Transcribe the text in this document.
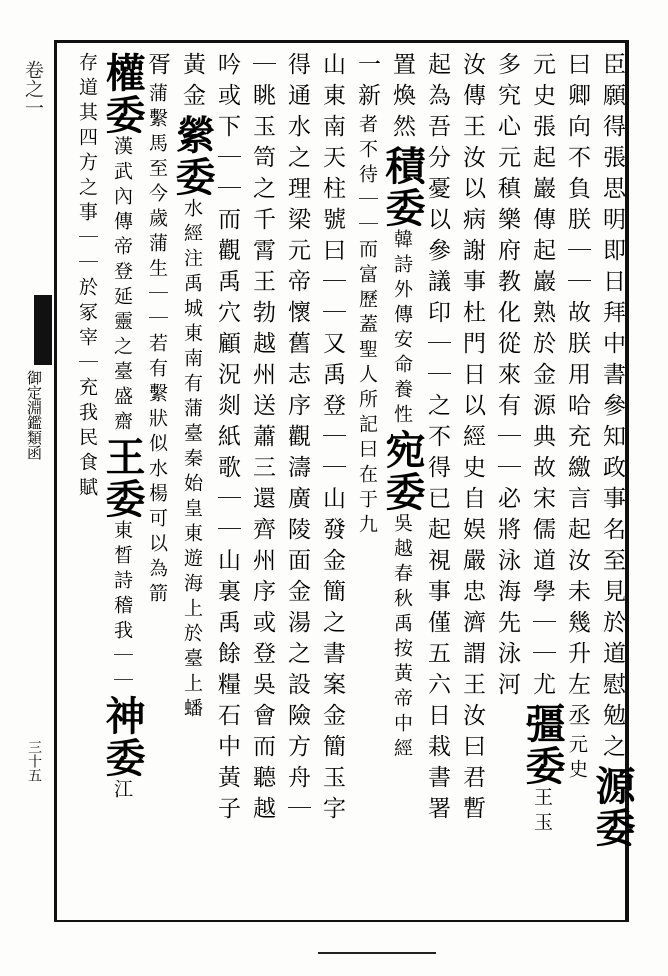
卷之一
御定淵鑑類函
三十五	臣願得張思明即日拜中書參知政事名至見於道慰勉之源委
曰卿向不負朕｜｜故朕用哈充繳言起汝未幾升左丞元史
元史張起巖傳起巖熟於金源典故宋儒道學｜｜尤彊委王玉
多究心元稹樂府教化從來有｜｜必將泳海先泳河
汝傳王汝以病謝事杜門日以經史自娱嚴忠濟謂王汝曰君暫
起為吾分憂以參議印｜｜之不得已起視事僅五六日栽書署
置煥然積委韓詩外傳安命養性宛委吳越春秋禹按黃帝中經
一新者不待｜｜而富歷蓋聖人所記曰在于九
山東南天柱號曰｜｜又禹登｜｜山發金簡之書案金簡玉字
得通水之理梁元帝懷舊志序觀濤廣陵面金湯之設險方舟｜
｜眺玉笥之千霄王勃越州送蕭三還齊州序或登吳會而聽越
吟或下｜｜而觀禹穴顧況剡紙歌｜｜山裏禹餘糧石中黃子
黃金縈委水經注禹城東南有蒲臺秦始皇東遊海上於臺上蟠
胥蒲繫馬至今歲蒲生｜｜若有繫狀似水楊可以為箭
權委漢武內傳帝登延靈之臺盛齋王委東晳詩稽我｜｜神委江
存道其四方之事｜｜於冢宰｜充我民食賦
